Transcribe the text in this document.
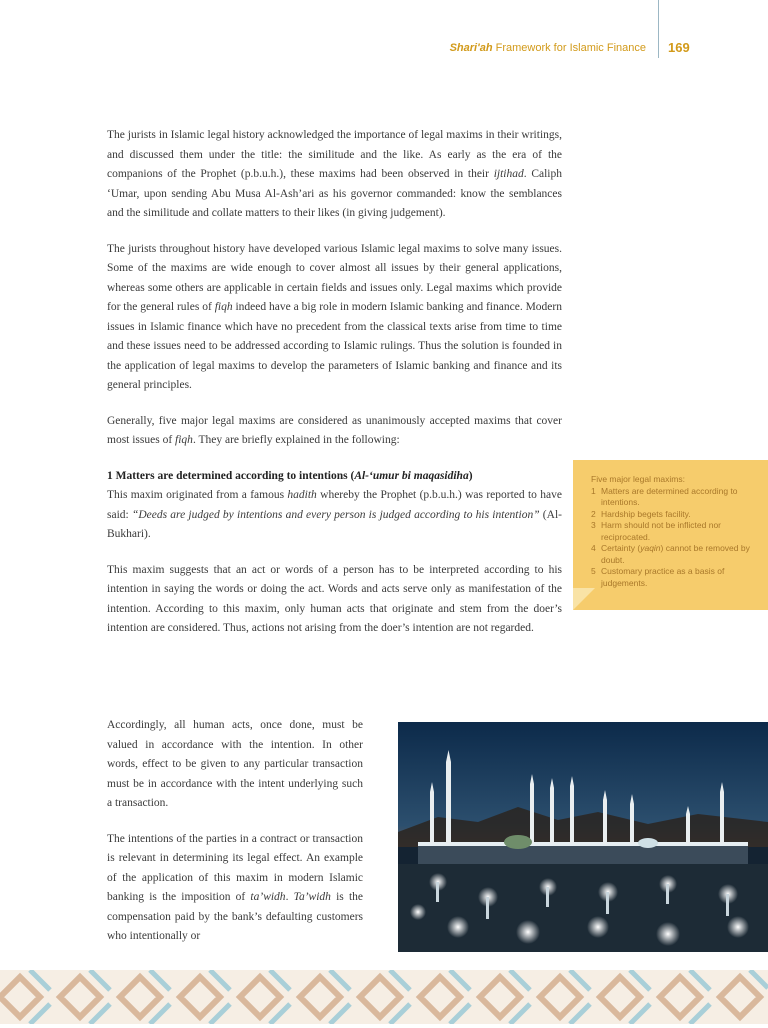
Shari'ah Framework for Islamic Finance 169

The jurists in Islamic legal history acknowledged the importance of legal maxims in their writings, and discussed them under the title: the similitude and the like. As early as the era of the companions of the Prophet (p.b.u.h.), these maxims had been observed in their ijtihad. Caliph ‘Umar, upon sending Abu Musa Al-Ash’ari as his governor commanded: know the semblances and the similitude and collate matters to their likes (in giving judgement).

The jurists throughout history have developed various Islamic legal maxims to solve many issues. Some of the maxims are wide enough to cover almost all issues by their general applications, whereas some others are applicable in certain fields and issues only. Legal maxims which provide for the general rules of fiqh indeed have a big role in modern Islamic banking and finance. Modern issues in Islamic finance which have no precedent from the classical texts arise from time to time and these issues need to be addressed according to Islamic rulings. Thus the solution is founded in the application of legal maxims to develop the parameters of Islamic banking and finance and its general principles.

Generally, five major legal maxims are considered as unanimously accepted maxims that cover most issues of fiqh. They are briefly explained in the following:

1 Matters are determined according to intentions (Al-‘umur bi maqasidiha)

This maxim originated from a famous hadith whereby the Prophet (p.b.u.h.) was reported to have said: “Deeds are judged by intentions and every person is judged according to his intention” (Al-Bukhari).

This maxim suggests that an act or words of a person has to be interpreted according to his intention in saying the words or doing the act. Words and acts serve only as manifestation of the intention. According to this maxim, only human acts that originate and stem from the doer’s intention are considered. Thus, actions not arising from the doer’s intention are not regarded.

Accordingly, all human acts, once done, must be valued in accordance with the intention. In other words, effect to be given to any particular transaction must be in accordance with the intent underlying such a transaction.

The intentions of the parties in a contract or transaction is relevant in determining its legal effect. An example of the application of this maxim in modern Islamic banking is the imposition of ta’widh. Ta’widh is the compensation paid by the bank’s defaulting customers who intentionally or

Five major legal maxims:
1 Matters are determined according to intentions.
2 Hardship begets facility.
3 Harm should not be inflicted nor reciprocated.
4 Certainty (yaqin) cannot be removed by doubt.
5 Customary practice as a basis of judgements.
